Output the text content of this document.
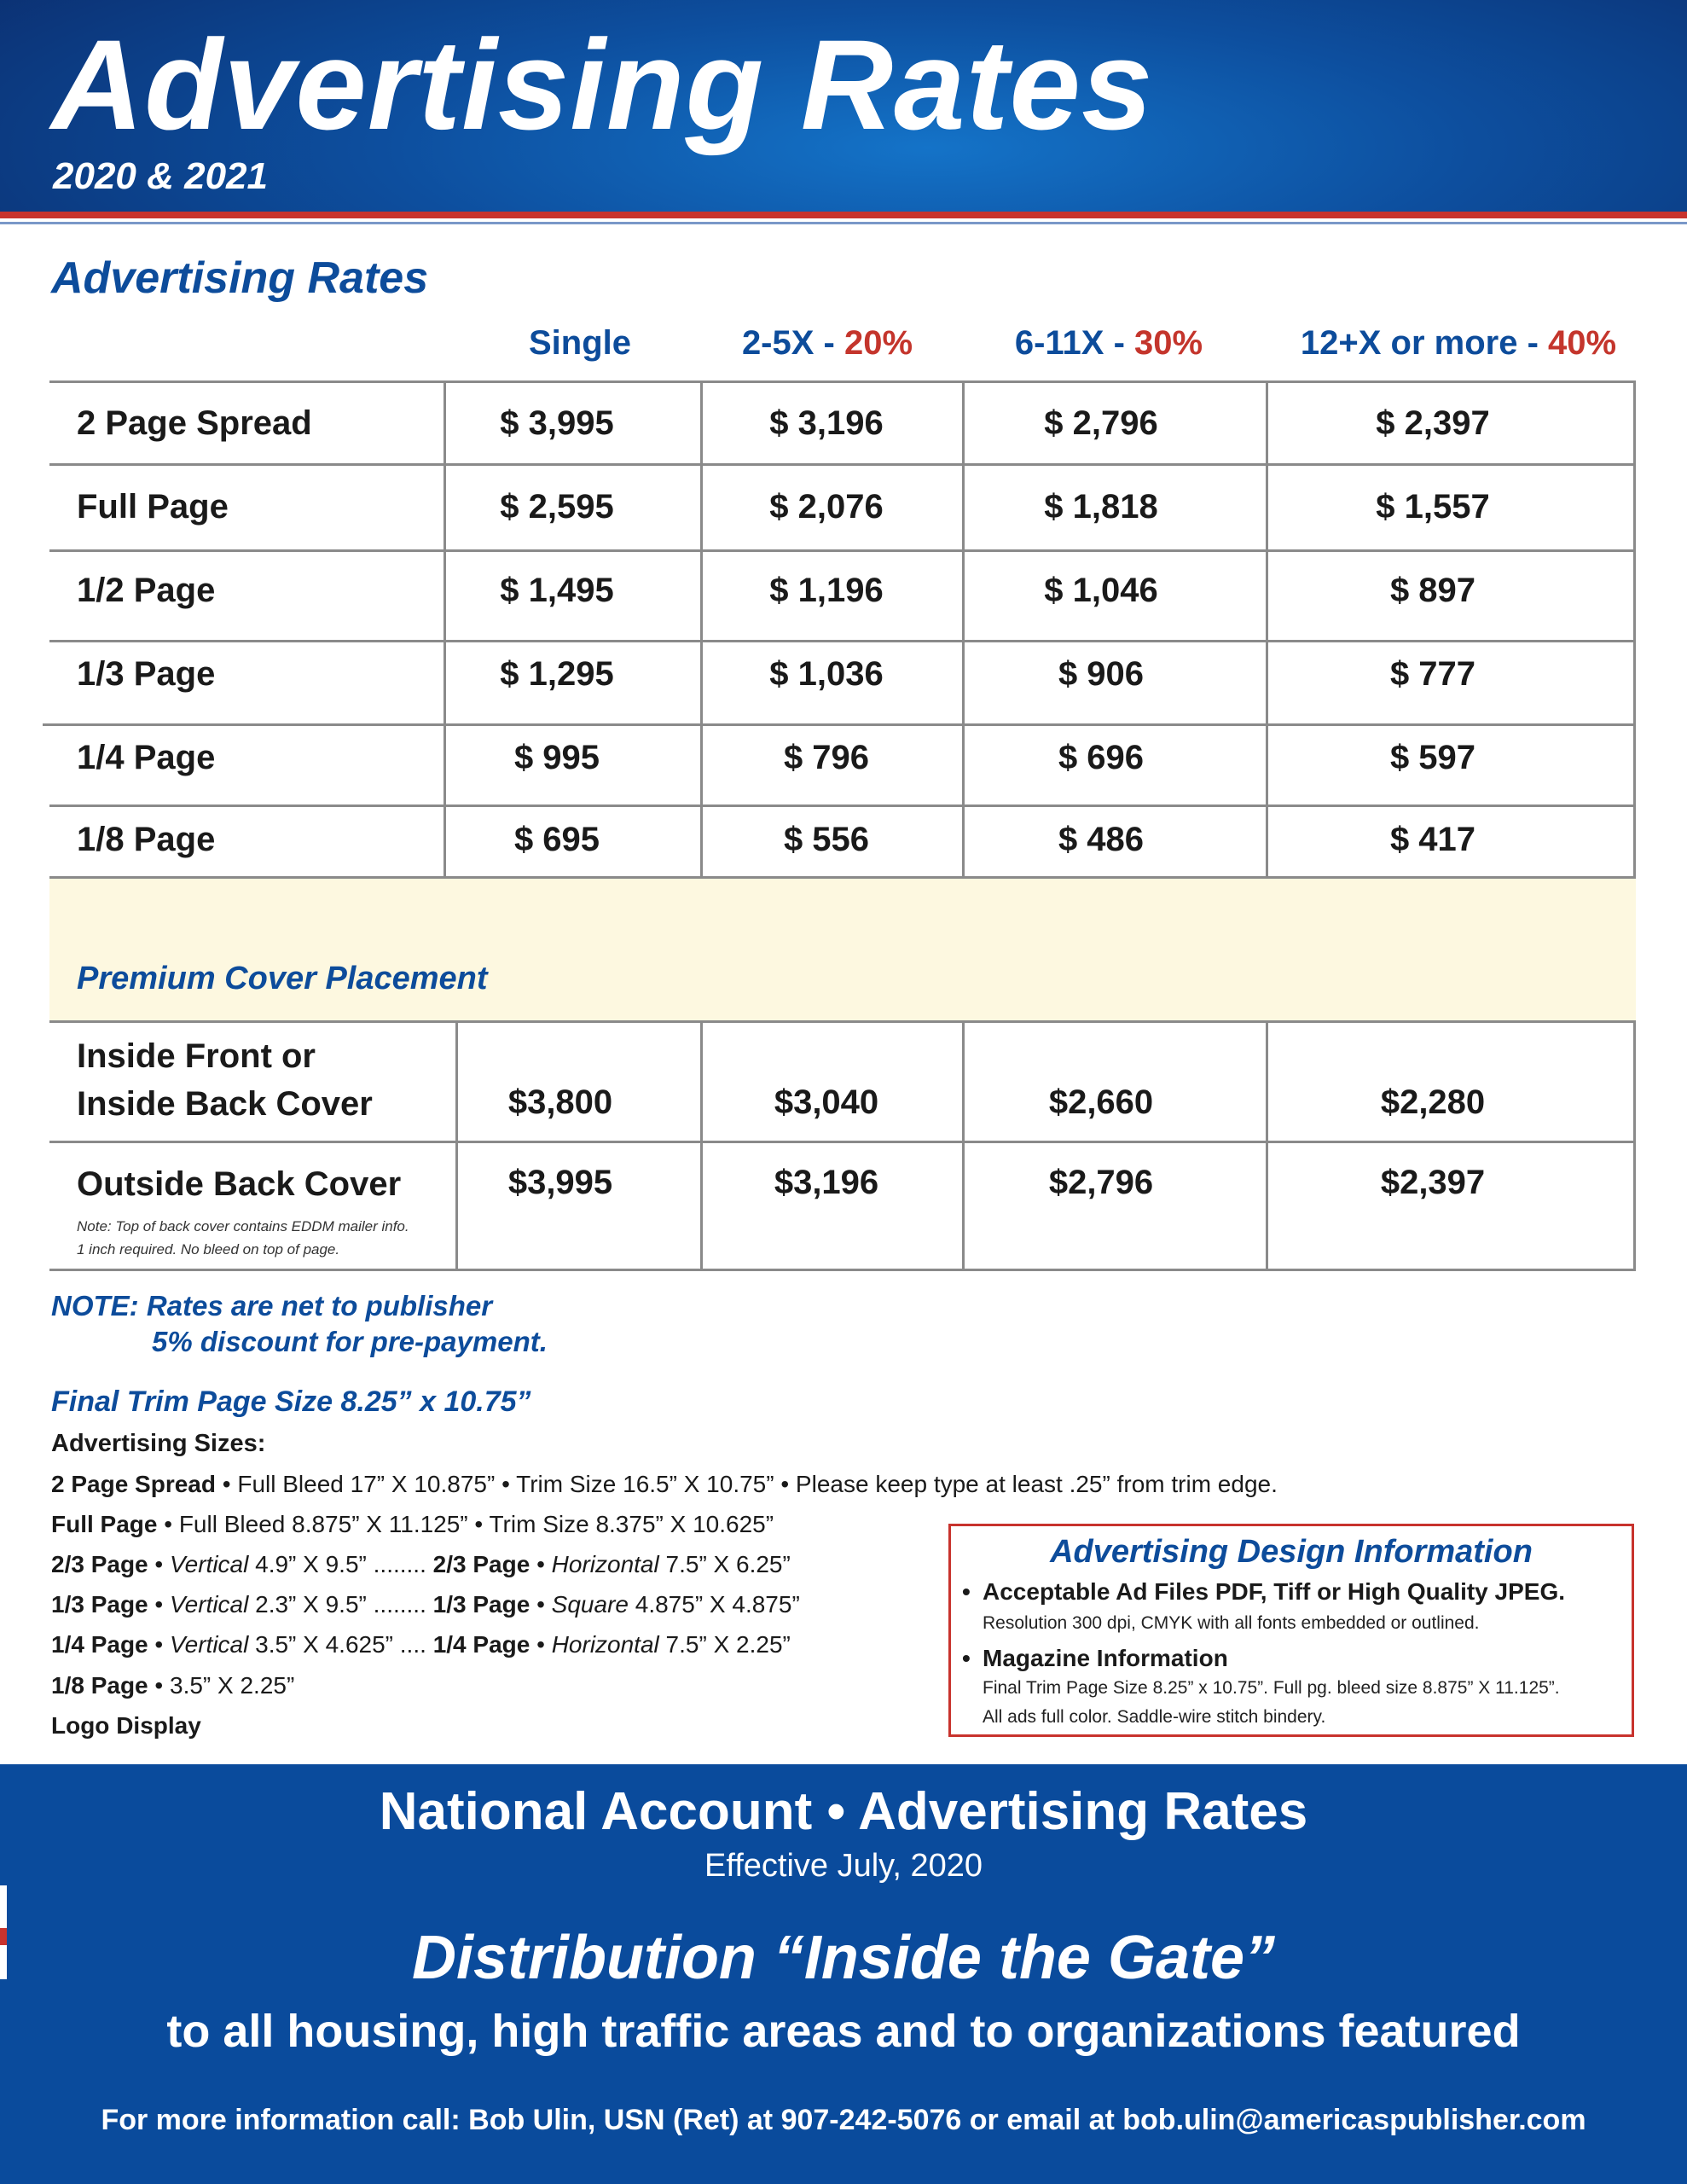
Advertising Rates
2020 & 2021
Advertising Rates
Single	2-5X - 20%	6-11X - 30%	12+X or more - 40%
2 Page Spread	$ 3,995	$ 3,196	$ 2,796	$ 2,397
Full Page	$ 2,595	$ 2,076	$ 1,818	$ 1,557
1/2 Page	$ 1,495	$ 1,196	$ 1,046	$ 897
1/3 Page	$ 1,295	$ 1,036	$ 906	$ 777
1/4 Page	$ 995	$ 796	$ 696	$ 597
1/8 Page	$ 695	$ 556	$ 486	$ 417
Premium Cover Placement
Inside Front or
Inside Back Cover	$3,800	$3,040	$2,660	$2,280
Outside Back Cover	$3,995	$3,196	$2,796	$2,397
Note: Top of back cover contains EDDM mailer info.
1 inch required. No bleed on top of page.
NOTE: Rates are net to publisher
5% discount for pre-payment.
Final Trim Page Size 8.25” x 10.75”
Advertising Sizes:
2 Page Spread • Full Bleed 17” X 10.875” • Trim Size 16.5” X 10.75” • Please keep type at least .25” from trim edge.
Full Page • Full Bleed 8.875” X 11.125” • Trim Size 8.375” X 10.625”
2/3 Page • Vertical 4.9” X 9.5” ........ 2/3 Page • Horizontal 7.5” X 6.25”
1/3 Page • Vertical 2.3” X 9.5” ........ 1/3 Page • Square 4.875” X 4.875”
1/4 Page • Vertical 3.5” X 4.625” .... 1/4 Page • Horizontal 7.5” X 2.25”
1/8 Page • 3.5” X 2.25”
Logo Display
Advertising Design Information
• Acceptable Ad Files PDF, Tiff or High Quality JPEG.
Resolution 300 dpi, CMYK with all fonts embedded or outlined.
• Magazine Information
Final Trim Page Size 8.25” x 10.75”. Full pg. bleed size 8.875” X 11.125”.
All ads full color. Saddle-wire stitch bindery.
National Account • Advertising Rates
Effective July, 2020
Distribution “Inside the Gate”
to all housing, high traffic areas and to organizations featured
For more information call: Bob Ulin, USN (Ret) at 907-242-5076 or email at bob.ulin@americaspublisher.com
